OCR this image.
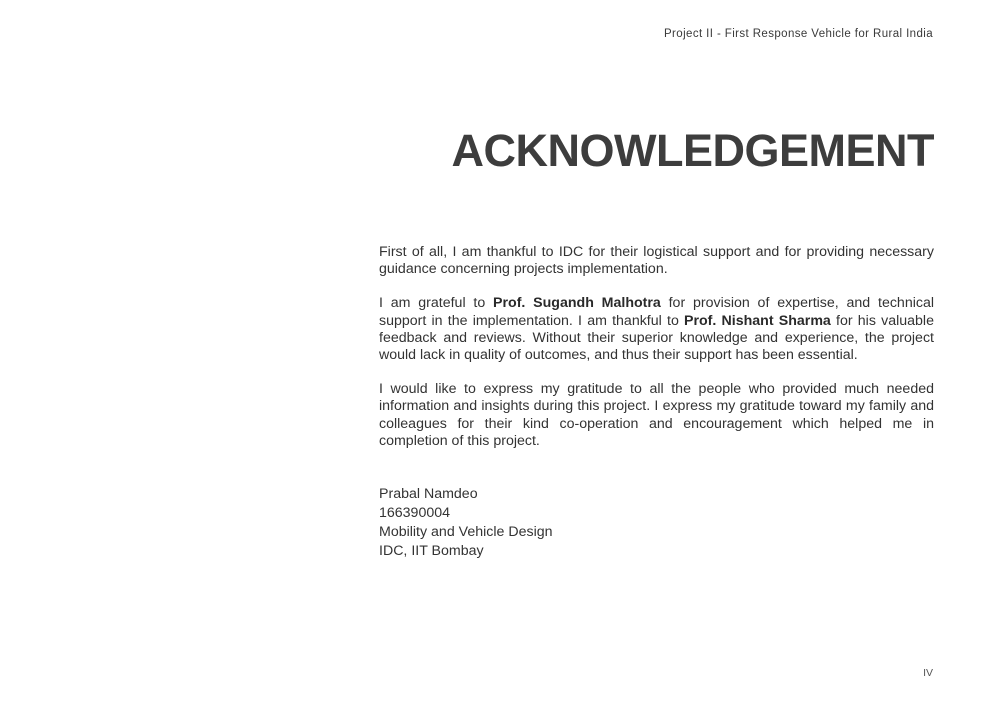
Project II - First Response Vehicle for Rural India
ACKNOWLEDGEMENT

First of all, I am thankful to IDC for their logistical support and for providing necessary guidance concerning projects implementation.

I am grateful to Prof. Sugandh Malhotra for provision of expertise, and technical support in the implementation. I am thankful to Prof. Nishant Sharma for his valuable feedback and reviews. Without their superior knowledge and experience, the project would lack in quality of outcomes, and thus their support has been essential.

I would like to express my gratitude to all the people who provided much needed information and insights during this project. I express my gratitude toward my family and colleagues for their kind co-operation and encouragement which helped me in completion of this project.

Prabal Namdeo
166390004
Mobility and Vehicle Design
IDC, IIT Bombay
IV
